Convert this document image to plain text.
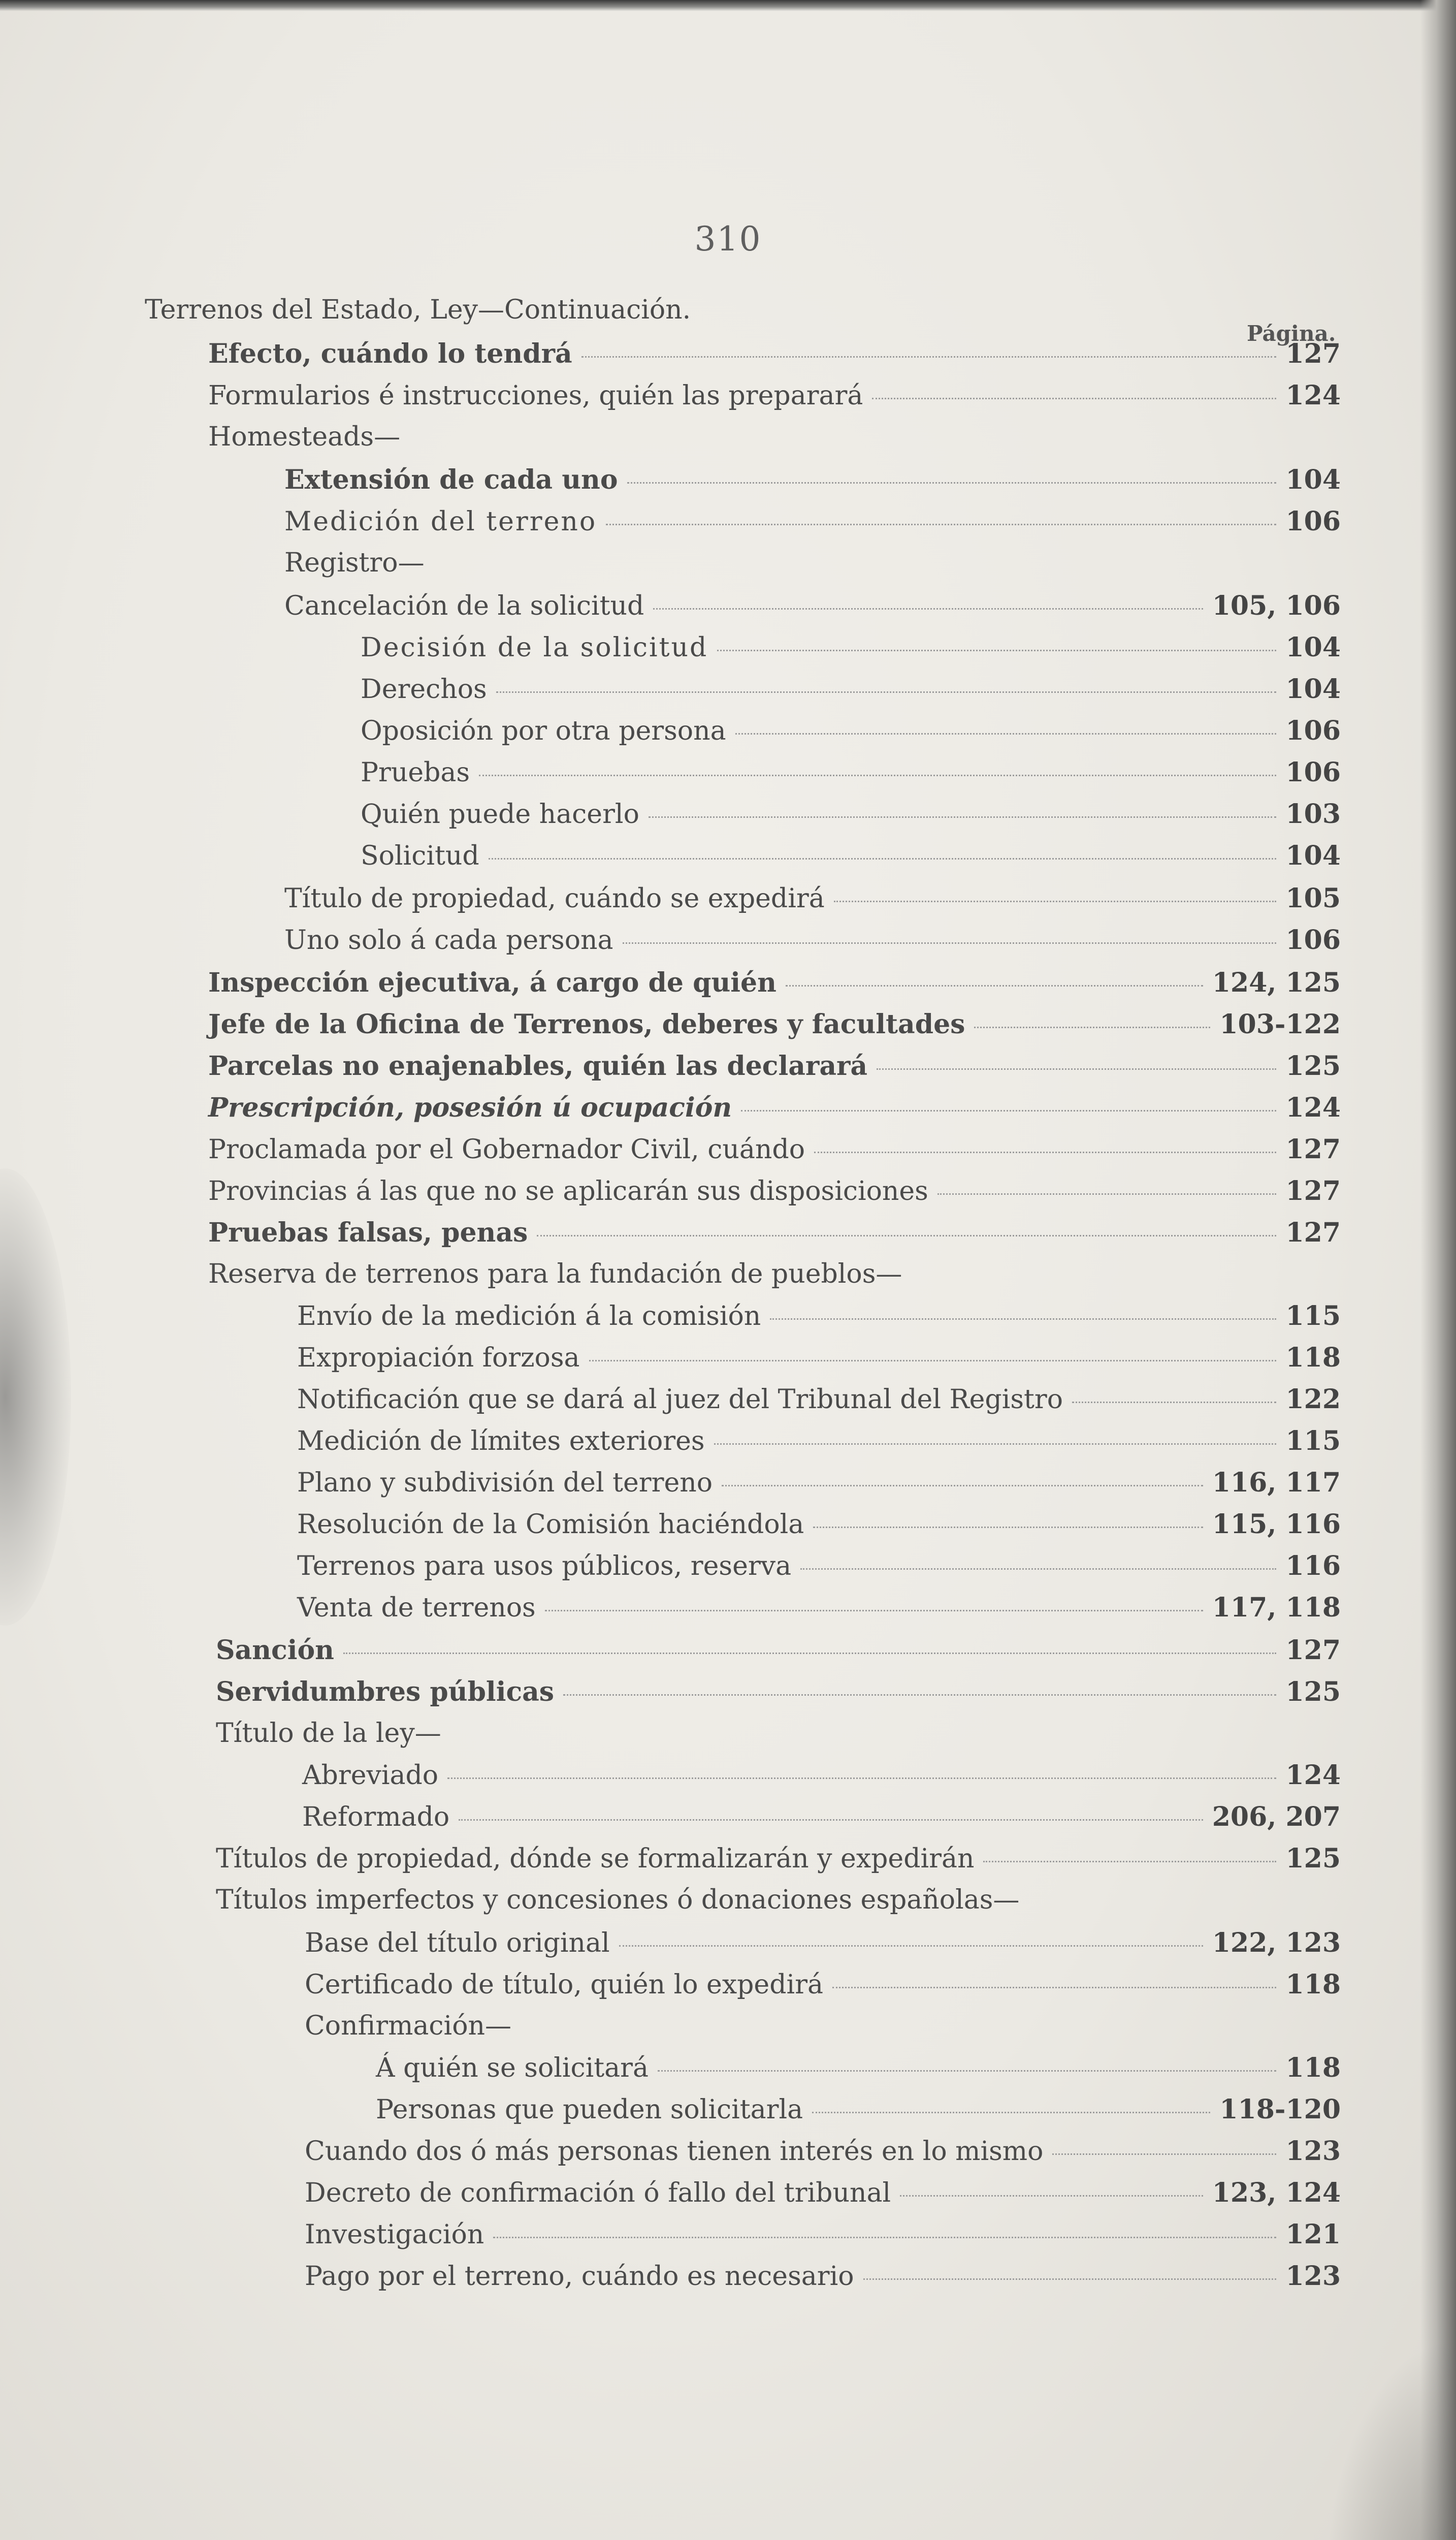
310
Página.
Terrenos del Estado, Ley—Continuación.
Efecto, cuándo lo tendrá	127
Formularios é instrucciones, quién las preparará	124
Homesteads—
Extensión de cada uno	104
Medición del terreno	106
Registro—
Cancelación de la solicitud	105, 106
Decisión de la solicitud	104
Derechos	104
Oposición por otra persona	106
Pruebas	106
Quién puede hacerlo	103
Solicitud	104
Título de propiedad, cuándo se expedirá	105
Uno solo á cada persona	106
Inspección ejecutiva, á cargo de quién	124, 125
Jefe de la Oficina de Terrenos, deberes y facultades	103-122
Parcelas no enajenables, quién las declarará	125
Prescripción, posesión ú ocupación	124
Proclamada por el Gobernador Civil, cuándo	127
Provincias á las que no se aplicarán sus disposiciones	127
Pruebas falsas, penas	127
Reserva de terrenos para la fundación de pueblos—
Envío de la medición á la comisión	115
Expropiación forzosa	118
Notificación que se dará al juez del Tribunal del Registro	122
Medición de límites exteriores	115
Plano y subdivisión del terreno	116, 117
Resolución de la Comisión haciéndola	115, 116
Terrenos para usos públicos, reserva	116
Venta de terrenos	117, 118
Sanción	127
Servidumbres públicas	125
Título de la ley—
Abreviado	124
Reformado	206, 207
Títulos de propiedad, dónde se formalizarán y expedirán	125
Títulos imperfectos y concesiones ó donaciones españolas—
Base del título original	122, 123
Certificado de título, quién lo expedirá	118
Confirmación—
Á quién se solicitará	118
Personas que pueden solicitarla	118-120
Cuando dos ó más personas tienen interés en lo mismo	123
Decreto de confirmación ó fallo del tribunal	123, 124
Investigación	121
Pago por el terreno, cuándo es necesario	123
